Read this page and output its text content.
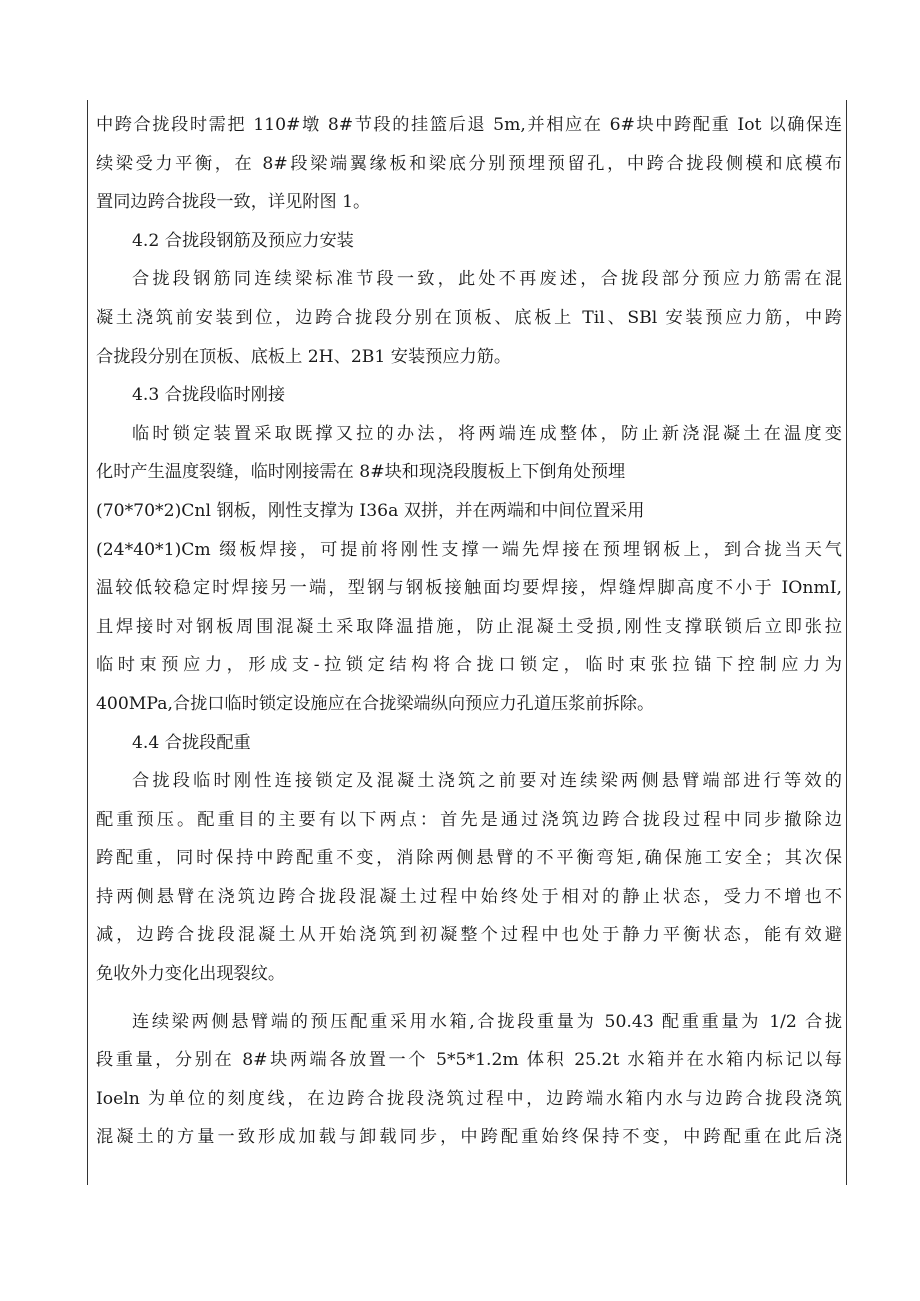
中跨合拢段时需把 110#墩 8#节段的挂篮后退 5m,并相应在 6#块中跨配重 Iot 以确保连
续梁受力平衡，在 8#段梁端翼缘板和梁底分别预埋预留孔，中跨合拢段侧模和底模布
置同边跨合拢段一致，详见附图 1。

4.2 合拢段钢筋及预应力安装

合拢段钢筋同连续梁标准节段一致，此处不再废述，合拢段部分预应力筋需在混
凝土浇筑前安装到位，边跨合拢段分别在顶板、底板上 Til、SBl 安装预应力筋，中跨
合拢段分别在顶板、底板上 2H、2B1 安装预应力筋。

4.3 合拢段临时刚接

临时锁定装置采取既撑又拉的办法，将两端连成整体，防止新浇混凝土在温度变
化时产生温度裂缝，临时刚接需在 8#块和现浇段腹板上下倒角处预埋
(70*70*2)Cnl 钢板，刚性支撑为 I36a 双拼，并在两端和中间位置采用
(24*40*1)Cm 缀板焊接，可提前将刚性支撑一端先焊接在预埋钢板上，到合拢当天气
温较低较稳定时焊接另一端，型钢与钢板接触面均要焊接，焊缝焊脚高度不小于 IOnmI,
且焊接时对钢板周围混凝土采取降温措施，防止混凝土受损,刚性支撑联锁后立即张拉
临时束预应力，形成支-拉锁定结构将合拢口锁定，临时束张拉锚下控制应力为
400MPa,合拢口临时锁定设施应在合拢梁端纵向预应力孔道压浆前拆除。

4.4 合拢段配重

合拢段临时刚性连接锁定及混凝土浇筑之前要对连续梁两侧悬臂端部进行等效的
配重预压。配重目的主要有以下两点：首先是通过浇筑边跨合拢段过程中同步撤除边
跨配重，同时保持中跨配重不变，消除两侧悬臂的不平衡弯矩,确保施工安全；其次保
持两侧悬臂在浇筑边跨合拢段混凝土过程中始终处于相对的静止状态，受力不增也不
减，边跨合拢段混凝土从开始浇筑到初凝整个过程中也处于静力平衡状态，能有效避
免收外力变化出现裂纹。

连续梁两侧悬臂端的预压配重采用水箱,合拢段重量为 50.43 配重重量为 1/2 合拢
段重量，分别在 8#块两端各放置一个 5*5*1.2m 体积 25.2t 水箱并在水箱内标记以每
Ioeln 为单位的刻度线，在边跨合拢段浇筑过程中，边跨端水箱内水与边跨合拢段浇筑
混凝土的方量一致形成加载与卸载同步，中跨配重始终保持不变，中跨配重在此后浇
